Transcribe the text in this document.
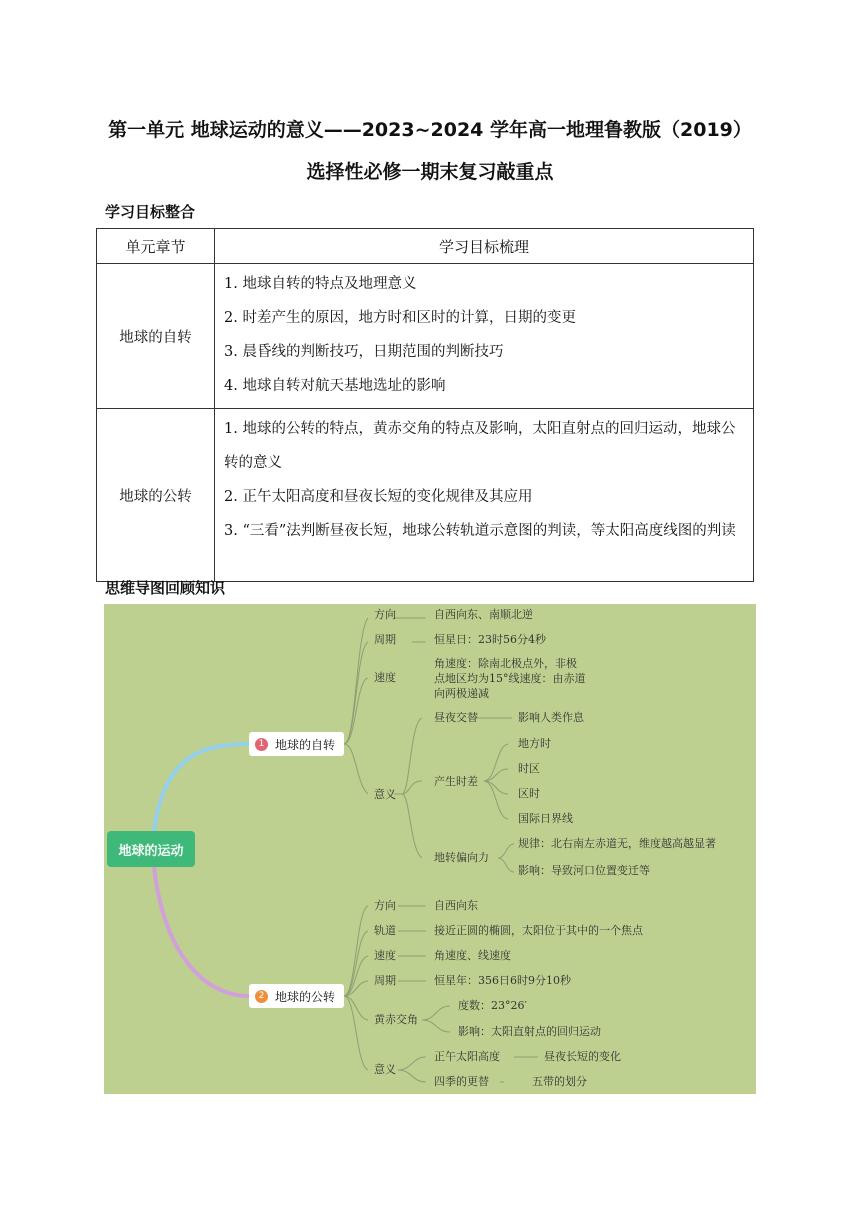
第一单元 地球运动的意义——2023~2024 学年高一地理鲁教版（2019）
选择性必修一期末复习敲重点
学习目标整合
单元章节	学习目标梳理
地球的自转	1. 地球自转的特点及地理意义
2. 时差产生的原因，地方时和区时的计算，日期的变更
3. 晨昏线的判断技巧，日期范围的判断技巧
4. 地球自转对航天基地选址的影响

地球的公转	1. 地球的公转的特点，黄赤交角的特点及影响，太阳直射点的回归运动，地球公转的意义
2. 正午太阳高度和昼夜长短的变化规律及其应用
3. “三看”法判断昼夜长短，地球公转轨道示意图的判读，等太阳高度线图的判读
思维导图回顾知识
地球的运动
1 地球的自转
2 地球的公转
方向	自西向东、南顺北逆
周期	恒星日：23时56分4秒
速度
角速度：除南北极点外，非极
点地区均为15°线速度：由赤道
向两极递减
意义
昼夜交替	影响人类作息
产生时差
地方时
时区
区时
国际日界线
地转偏向力
规律：北右南左赤道无，维度越高越显著
影响：导致河口位置变迁等
方向	自西向东
轨道	接近正圆的椭圆，太阳位于其中的一个焦点
速度	角速度、线速度
周期	恒星年：356日6时9分10秒
黄赤交角
度数：23°26′
影响：太阳直射点的回归运动
意义
正午太阳高度	昼夜长短的变化
四季的更替	五带的划分
